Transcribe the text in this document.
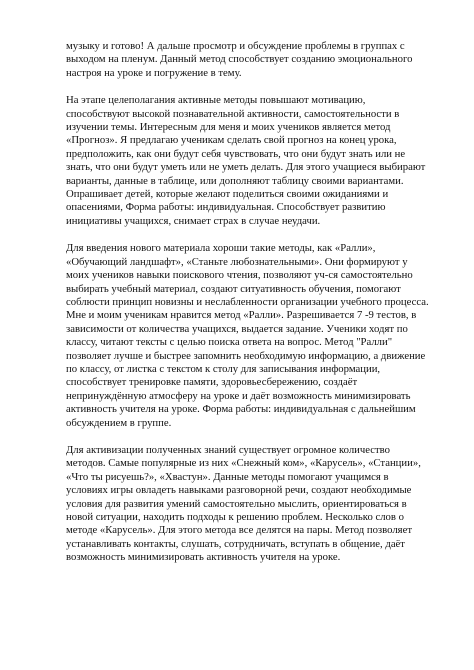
музыку и готово! А дальше просмотр и обсуждение проблемы в группах с
выходом на пленум. Данный метод способствует созданию эмоционального
настроя на уроке и погружение в тему.
На этапе целеполагания активные методы повышают мотивацию,
способствуют высокой познавательной активности, самостоятельности в
изучении темы. Интересным для меня и моих учеников является метод
«Прогноз». Я предлагаю ученикам сделать свой прогноз на конец урока,
предположить, как они будут себя чувствовать, что они будут знать или не
знать, что они будут уметь или не уметь делать. Для этого учащиеся выбирают
варианты, данные в таблице, или дополняют таблицу своими вариантами.
Опрашивает детей, которые желают поделиться своими ожиданиями и
опасениями, Форма работы: индивидуальная. Способствует развитию
инициативы учащихся, снимает страх в случае неудачи.
Для введения нового материала хороши такие методы, как «Ралли»,
«Обучающий ландшафт», «Станьте любознательными». Они формируют у
моих учеников навыки поискового чтения, позволяют уч-ся самостоятельно
выбирать учебный материал, создают ситуативность обучения, помогают
соблюсти принцип новизны и неслабленности организации учебного процесса.
Мне и моим ученикам нравится метод «Ралли». Разрешивается 7 -9 тестов, в
зависимости от количества учащихся, выдается задание. Ученики ходят по
классу, читают тексты с целью поиска ответа на вопрос. Метод "Ралли"
позволяет лучше и быстрее запомнить необходимую информацию, а движение
по классу, от листка с текстом к столу для записывания информации,
способствует тренировке памяти, здоровьесбережению, создаёт
непринуждённую атмосферу на уроке и даёт возможность минимизировать
активность учителя на уроке. Форма работы: индивидуальная с дальнейшим
обсуждением в группе.
Для активизации полученных знаний существует огромное количество
методов. Самые популярные из них «Снежный ком», «Карусель», «Станции»,
«Что ты рисуешь?», «Хвастун». Данные методы помогают учащимся в
условиях игры овладеть навыками разговорной речи, создают необходимые
условия для развития умений самостоятельно мыслить, ориентироваться в
новой ситуации, находить подходы к решению проблем. Несколько слов о
методе «Карусель». Для этого метода все делятся на пары. Метод позволяет
устанавливать контакты, слушать, сотрудничать, вступать в общение, даёт
возможность минимизировать активность учителя на уроке.
